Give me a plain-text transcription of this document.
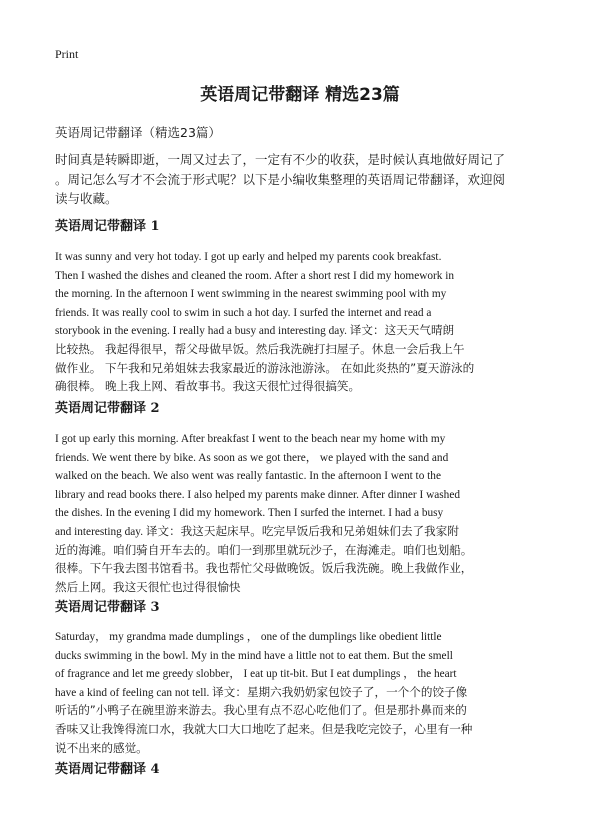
Print
英语周记带翻译 精选23篇
英语周记带翻译（精选23篇）
时间真是转瞬即逝，一周又过去了，一定有不少的收获，是时候认真地做好周记了
。周记怎么写才不会流于形式呢？以下是小编收集整理的英语周记带翻译，欢迎阅
读与收藏。
英语周记带翻译 1
It was sunny and very hot today. I got up early and helped my parents cook breakfast.
Then I washed the dishes and cleaned the room. After a short rest I did my homework in
the morning. In the afternoon I went swimming in the nearest swimming pool with my
friends. It was really cool to swim in such a hot day. I surfed the internet and read a
storybook in the evening. I really had a busy and interesting day. 译文：这天天气晴朗
比较热。 我起得很早，帮父母做早饭。然后我洗碗打扫屋子。休息一会后我上午
做作业。 下午我和兄弟姐妹去我家最近的游泳池游泳。 在如此炎热的”夏天游泳的
确很棒。 晚上我上网、看故事书。我这天很忙过得很搞笑。
英语周记带翻译 2
I got up early this morning. After breakfast I went to the beach near my home with my
friends. We went there by bike. As soon as we got there， we played with the sand and
walked on the beach. We also went was really fantastic. In the afternoon I went to the
library and read books there. I also helped my parents make dinner. After dinner I washed
the dishes. In the evening I did my homework. Then I surfed the internet. I had a busy
and interesting day. 译文：我这天起床早。吃完早饭后我和兄弟姐妹们去了我家附
近的海滩。咱们骑自开车去的。咱们一到那里就玩沙子，在海滩走。咱们也划船。
很棒。下午我去图书馆看书。我也帮忙父母做晚饭。饭后我洗碗。晚上我做作业，
然后上网。我这天很忙也过得很愉快
英语周记带翻译 3
Saturday， my grandma made dumplings ， one of the dumplings like obedient little
ducks swimming in the bowl. My in the mind have a little not to eat them. But the smell
of fragrance and let me greedy slobber， I eat up tit-bit. But I eat dumplings ， the heart
have a kind of feeling can not tell. 译文：星期六我奶奶家包饺子了，一个个的饺子像
听话的”小鸭子在碗里游来游去。我心里有点不忍心吃他们了。但是那扑鼻而来的
香味又让我馋得流口水，我就大口大口地吃了起来。但是我吃完饺子，心里有一种
说不出来的感觉。
英语周记带翻译 4
